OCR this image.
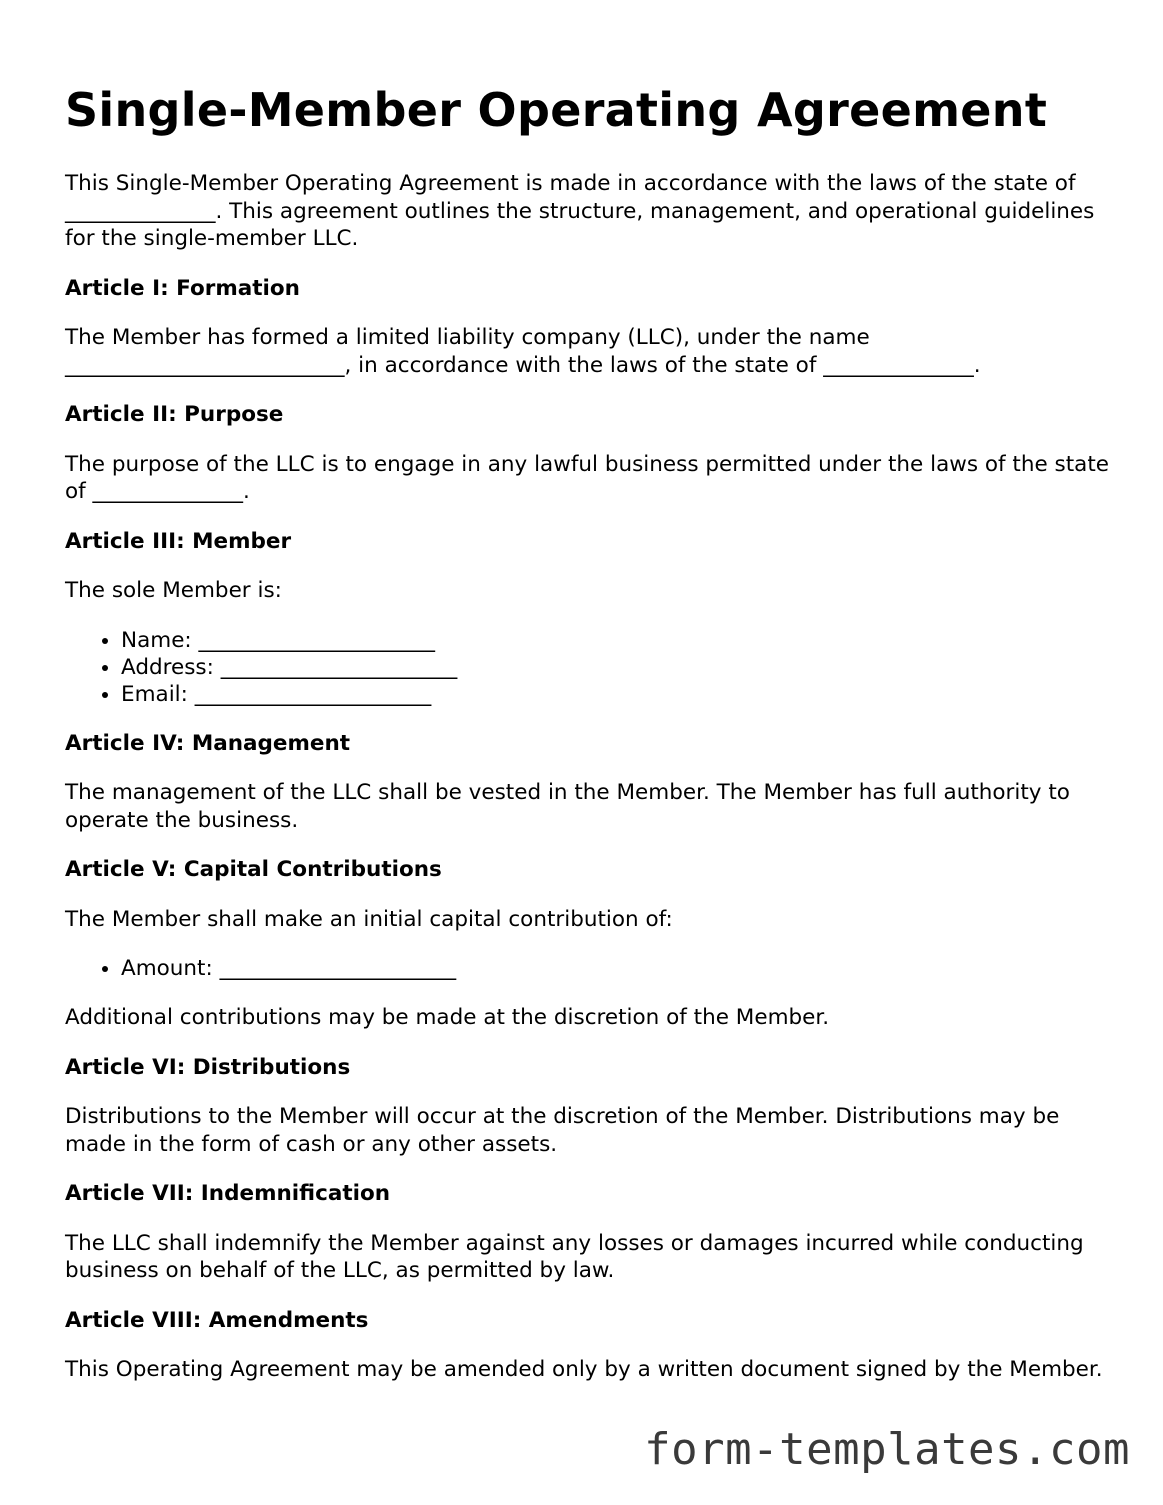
Single-Member Operating Agreement

This Single-Member Operating Agreement is made in accordance with the laws of the state of ______________. This agreement outlines the structure, management, and operational guidelines for the single-member LLC.

Article I: Formation

The Member has formed a limited liability company (LLC), under the name __________________________, in accordance with the laws of the state of ______________.

Article II: Purpose

The purpose of the LLC is to engage in any lawful business permitted under the laws of the state of ______________.

Article III: Member

The sole Member is:

• Name: ______________________
• Address: ______________________
• Email: ______________________
Article IV: Management

The management of the LLC shall be vested in the Member. The Member has full authority to operate the business.

Article V: Capital Contributions

The Member shall make an initial capital contribution of:

• Amount: ______________________

Additional contributions may be made at the discretion of the Member.

Article VI: Distributions

Distributions to the Member will occur at the discretion of the Member. Distributions may be made in the form of cash or any other assets.

Article VII: Indemnification

The LLC shall indemnify the Member against any losses or damages incurred while conducting business on behalf of the LLC, as permitted by law.

Article VIII: Amendments

This Operating Agreement may be amended only by a written document signed by the Member.

form-templates.com
